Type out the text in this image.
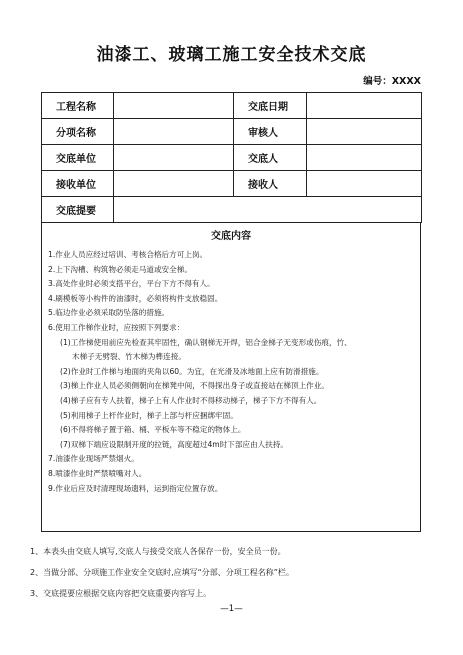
油漆工、玻璃工施工安全技术交底
编号：XXXX
工程名称		交底日期	
分项名称		审核人	
交底单位		交底人	
接收单位		接收人	
交底提要			
交底内容
1.作业人员应经过培训、考核合格后方可上岗。
2.上下沟槽、构筑物必须走马道或安全梯。
3.高处作业时必须支搭平台，平台下方不得有人。
4.刷模板等小构件的油漆时，必须将构件支放稳固。
5.临边作业必须采取防坠落的措施。
6.使用工作梯作业时，应按照下列要求：
(1)工作梯使用前应先检查其牢固性，确认钢梯无开焊，铝合金梯子无变形或伤痕，竹、
木梯子无劈裂、竹木梯为榫连接。
(2)作业时工作梯与地面的夹角以60。为宜，在光滑及冰地面上应有防滑措施。
(3)梯上作业人员必须侧朝向在梯凳中间，不得探出身子或直接站在梯顶上作业。
(4)梯子应有专人扶着，梯子上有人作业时不得移动梯子，梯子下方不得有人。
(5)利用梯子上杆作业时，梯子上部与杆应捆绑牢固。
(6)不得将梯子置于箱、桶、平板车等不稳定的物体上。
(7)双梯下端应设限制开度的拉链，高度超过4m时下部应由人扶持。
7.油漆作业现场严禁烟火。
8.喷漆作业时严禁喷嘴对人。
9.作业后应及时清理现场遗料，运到指定位置存放。
1、本表头由交底人填写,交底人与接受交底人各保存一份，安全员一份。
2、当做分部、分项施工作业安全交底时,应填写“分部、分项工程名称”栏。
3、交底提要应根据交底内容把交底重要内容写上。
—1—
